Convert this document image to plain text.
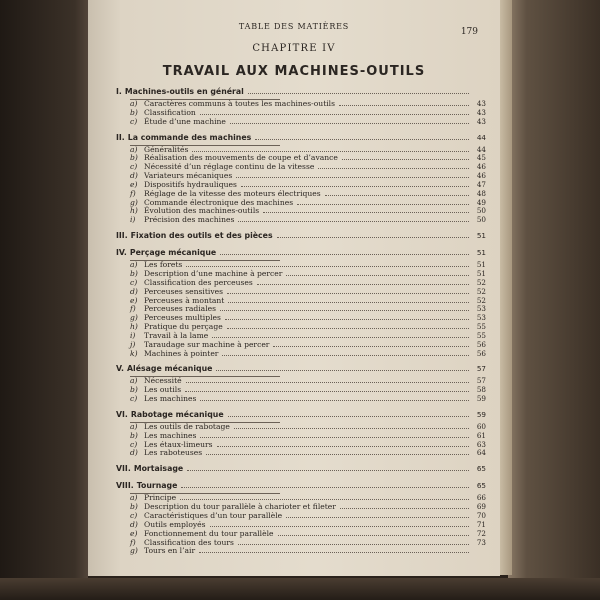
TABLE DES MATIÈRES
179
CHAPITRE IV
TRAVAIL AUX MACHINES-OUTILS
I. Machines-outils en général
a) Caractères communs à toutes les machines-outils	43
b) Classification	43
c) Étude d’une machine	43
II. La commande des machines	44
a) Généralités	44
b) Réalisation des mouvements de coupe et d’avance	45
c) Nécessité d’un réglage continu de la vitesse	46
d) Variateurs mécaniques	46
e) Dispositifs hydrauliques	47
f)	Réglage de la vitesse des moteurs électriques	48
g) Commande électronique des machines	49
h) Évolution des machines-outils	50
i)	Précision des machines	50
III. Fixation des outils et des pièces	51
IV. Perçage mécanique	51
a) Les forets	51
b) Description d’une machine à percer	51
c) Classification des perceuses	52
d) Perceuses sensitives	52
e) Perceuses à montant	52
f)	Perceuses radiales	53
g) Perceuses multiples	53
h) Pratique du perçage	55
i)	Travail à la lame	55
j)	Taraudage sur machine à percer	56
k) Machines à pointer	56
V. Alésage mécanique	57
a) Nécessité	57
b) Les outils	58
c) Les machines	59
VI. Rabotage mécanique	59
a) Les outils de rabotage	60
b) Les machines	61
c) Les étaux-limeurs	63
d) Les raboteuses	64
VII. Mortaisage	65
VIII. Tournage	65
a) Principe	66
b) Description du tour parallèle à charioter et fileter	69
c) Caractéristiques d’un tour parallèle	70
d) Outils employés	71
e) Fonctionnement du tour parallèle	72
f)	Classification des tours	73
g) Tours en l’air
